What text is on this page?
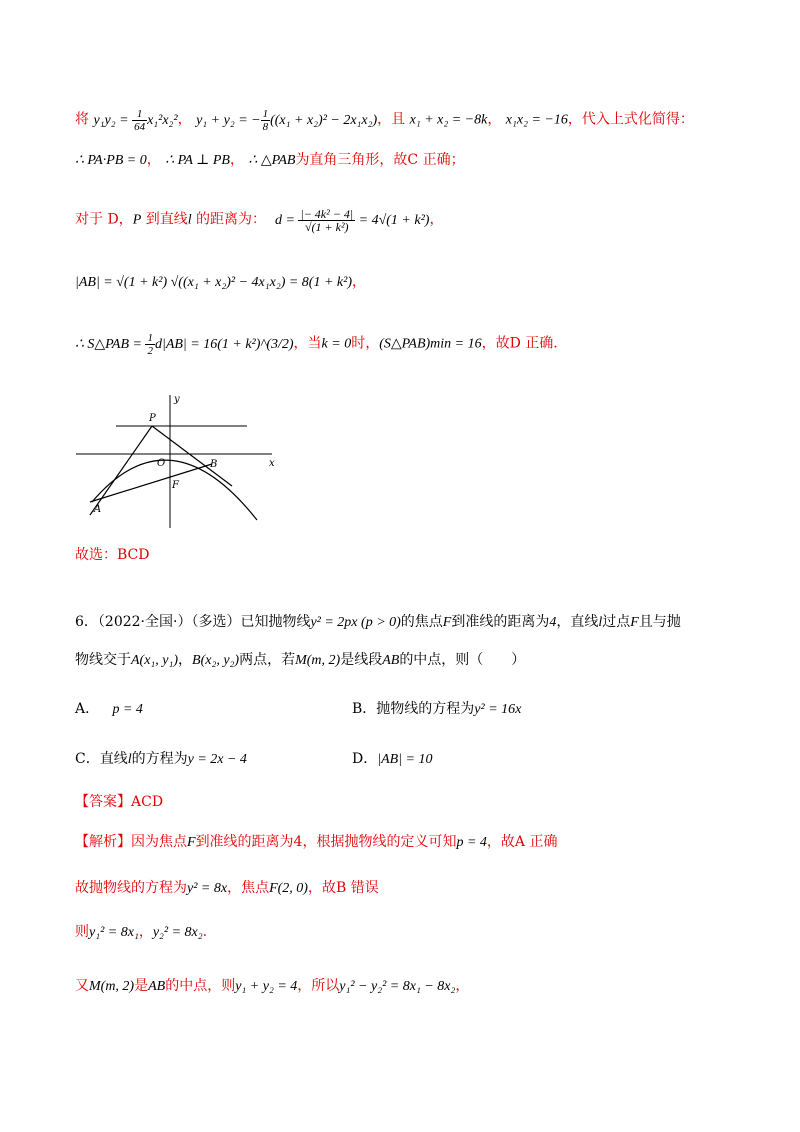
将 $y_1y_2 = \frac{1}{64} x_1^2x_2^2$， y₁ + y₂ = − $\frac{1}{8} ((x_1 + x_2)^2 - 2x_1x_2)$，且 x₁ + x₂ = −8k， x₁x₂ = −16，代入上式化简得：
∴ PA·PB = 0， ∴ PA ⊥ PB， ∴ △PAB为直角三角形，故C 正确；
对于 D，P 到直线l 的距离为： $d = \frac{\text{|− 4k² − 4|}}{\text{√(1 + k²)}} = 4√(1 + k^2)$，
|AB| = √(1 + k²) √((x₁ + x₂)² − 4x₁x₂) = 8(1 + k²)，
∴ S△PAB = $\frac{1}{2} d|AB| = 16(1$ + k²)^(3/2)，当k = 0时，(S△PAB)min = 16，故D 正确.
y
x
P
O	B
F
A
故选：BCD
6．（2022·全国·）（多选）已知抛物线y² = 2px (p > 0)的焦点F到准线的距离为4，直线l过点F且与抛
物线交于A(x₁, y₁)，B(x₂, y₂)两点，若M(m, 2)是线段AB的中点，则（　　）
A． p = 4	B．抛物线的方程为y² = 16x
C．直线l的方程为y = 2x − 4	D．|AB| = 10
【答案】ACD
【解析】因为焦点F到准线的距离为4，根据抛物线的定义可知p = 4，故A 正确
故抛物线的方程为y² = 8x，焦点F(2, 0)，故B 错误
则y₁² = 8x₁，y₂² = 8x₂.
又M(m, 2)是AB的中点，则y₁ + y₂ = 4，所以y₁² − y₂² = 8x₁ − 8x₂，
